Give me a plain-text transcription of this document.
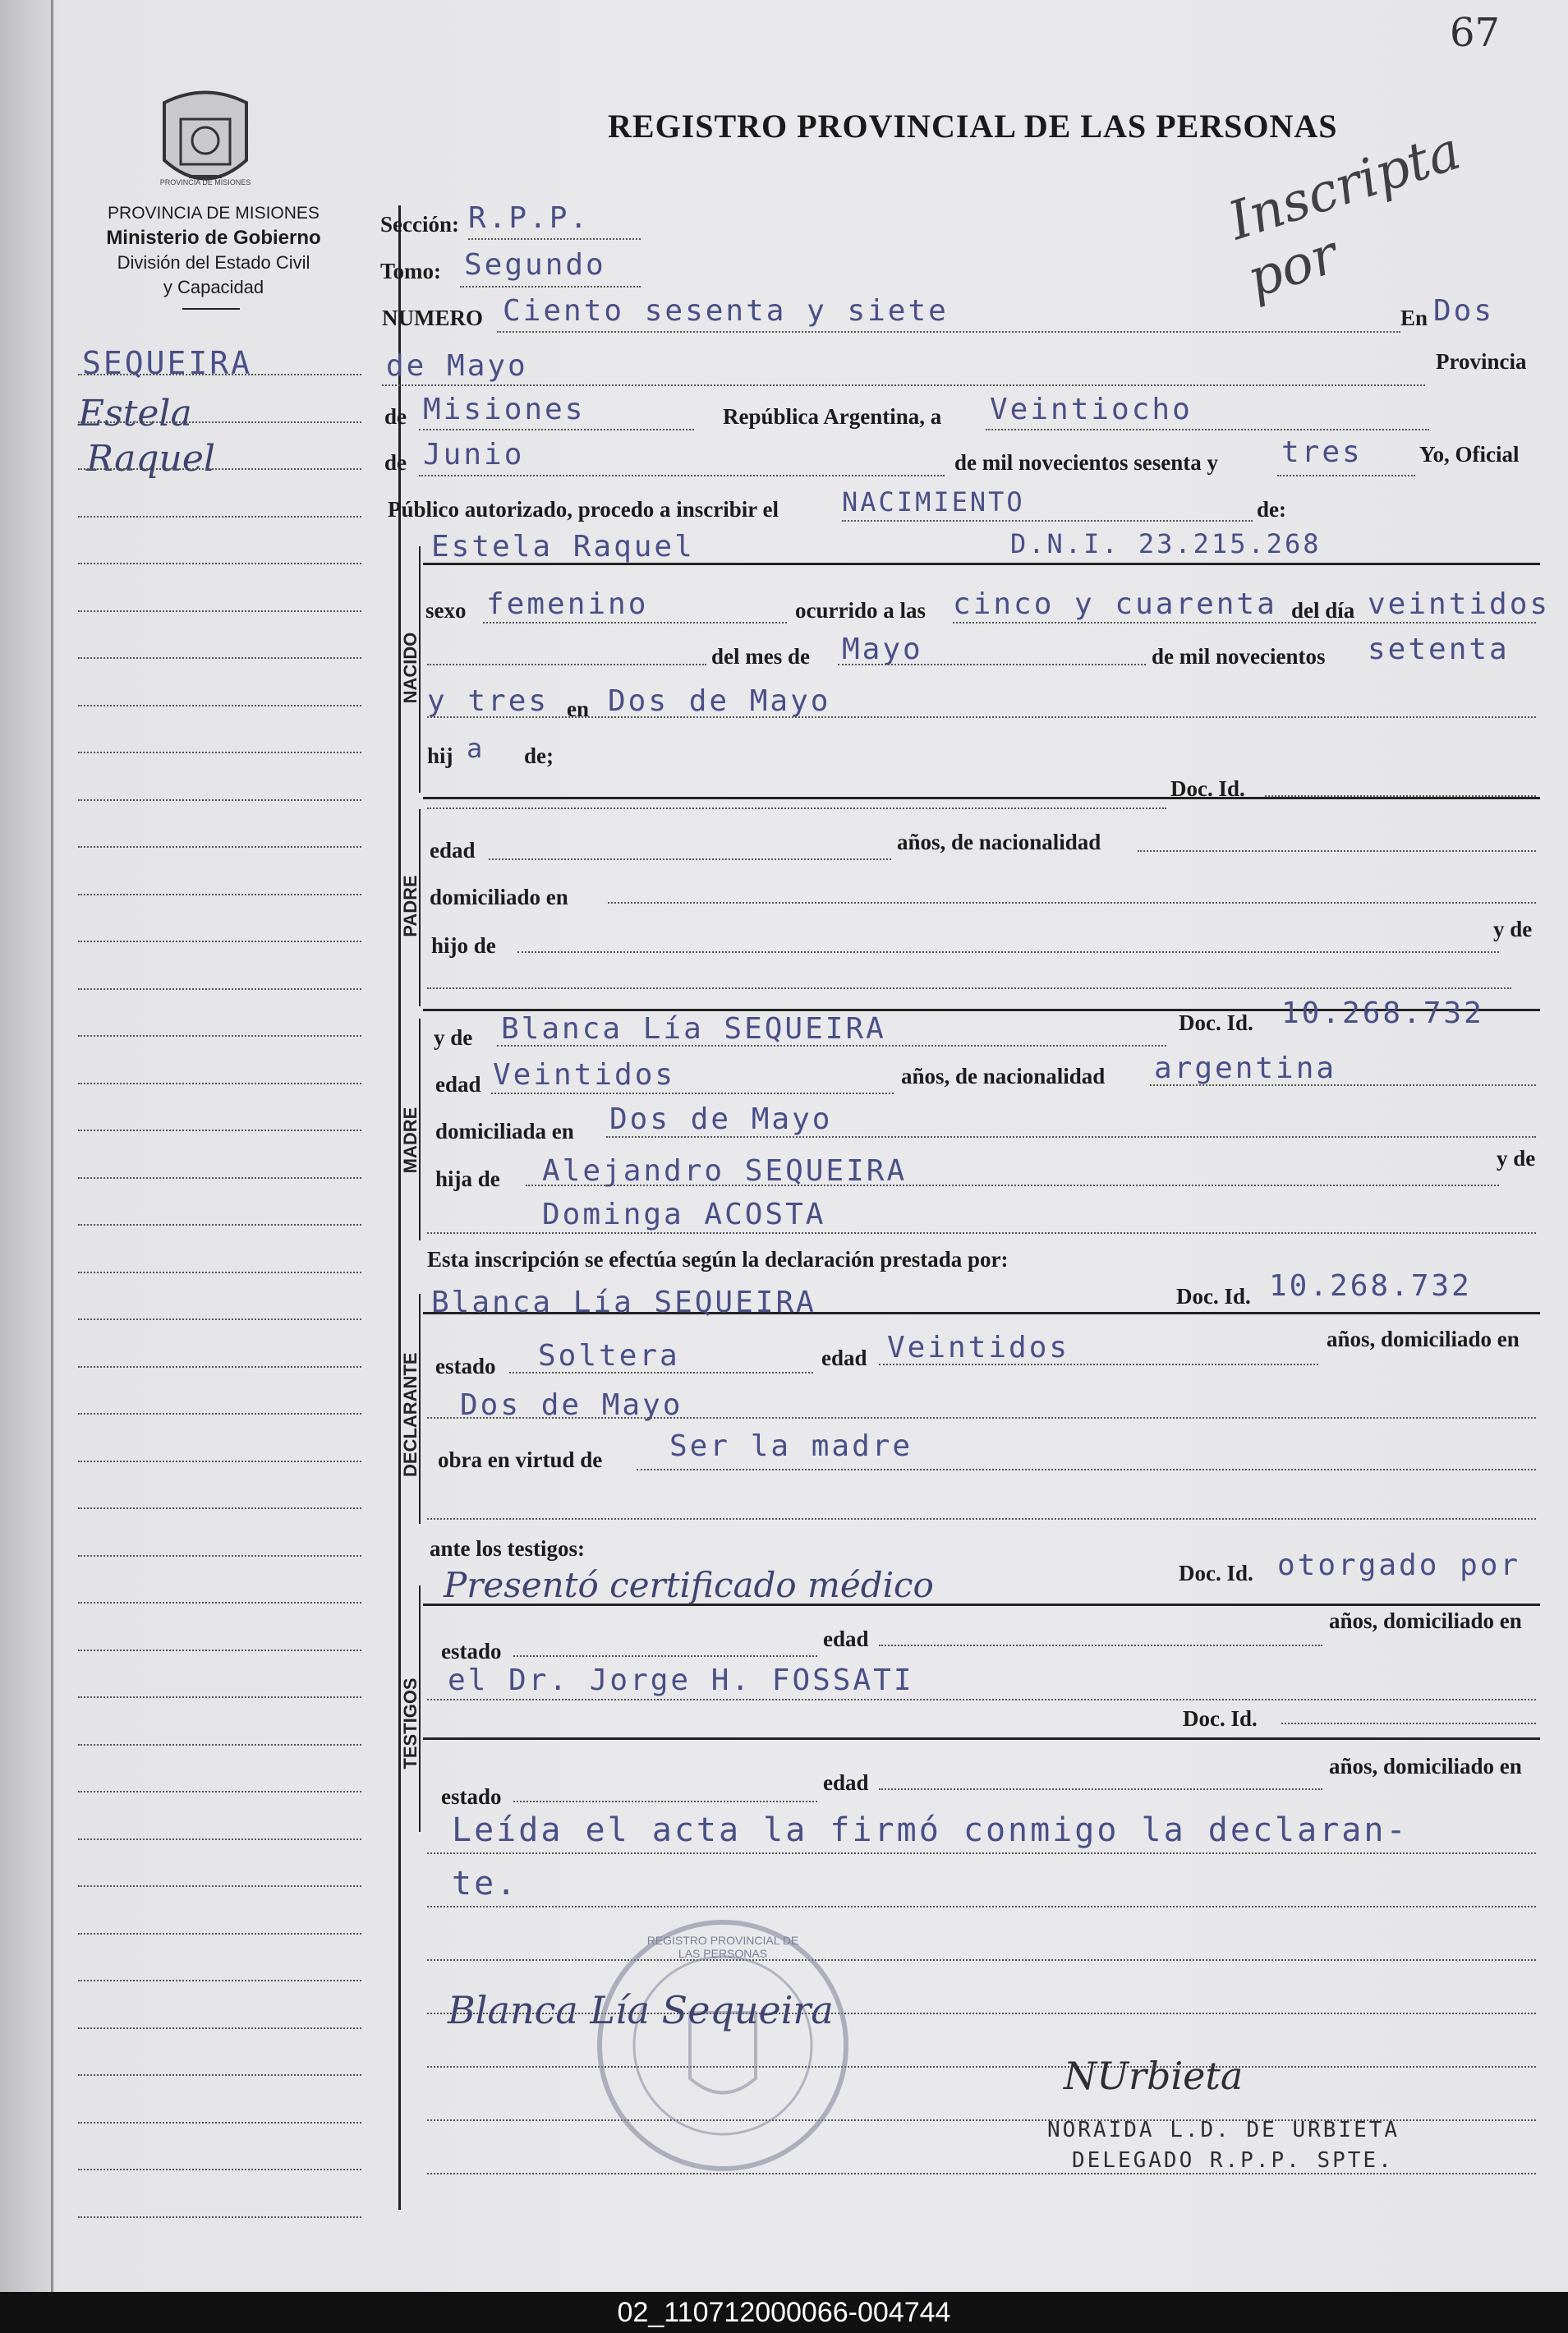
67
PROVINCIA DE MISIONES
PROVINCIA DE MISIONES
Ministerio de Gobierno
División del Estado Civil
y Capacidad
REGISTRO PROVINCIAL DE LAS PERSONAS
Inscripta por
SEQUEIRA
Estela
Raquel
Sección: R.P.P.
Tomo: Segundo
NUMERO Ciento sesenta y siete	En Dos
de Mayo	Provincia
de Misiones	República Argentina, a Veintiocho
de Junio	de mil novecientos sesenta y tres	Yo, Oficial
Público autorizado, procedo a inscribir el NACIMIENTO	de:
NACIDO
Estela Raquel	D.N.I. 23.215.268
sexo femenino	ocurrido a las cinco y cuarenta del día veintidos
del mes de Mayo	de mil novecientos setenta
y tres en Dos de Mayo
hij a de;
Doc. Id.
PADRE
edad	años, de nacionalidad
domiciliado en
hijo de
y de
MADRE
y de Blanca Lía SEQUEIRA	Doc. Id. 10.268.732
edad Veintidos	años, de nacionalidad argentina
domiciliada en Dos de Mayo
hija de Alejandro SEQUEIRA	y de
Dominga ACOSTA
Esta inscripción se efectúa según la declaración prestada por:
DECLARANTE
Blanca Lía SEQUEIRA	Doc. Id. 10.268.732
estado Soltera	edad Veintidos	años, domiciliado en
Dos de Mayo
obra en virtud de Ser la madre
ante los testigos:
TESTIGOS
Presentó certificado médico	Doc. Id. otorgado por
estado	edad
años, domiciliado en
el Dr. Jorge H. FOSSATI
Doc. Id.
estado
edad
años, domiciliado en
Leída el acta la firmó conmigo la declaran-
te.
REGISTRO PROVINCIAL DE LAS PERSONAS
Blanca Lía Sequeira
NUrbieta
NORAIDA L.D. DE URBIETA
DELEGADO R.P.P. SPTE.
02_110712000066-004744
